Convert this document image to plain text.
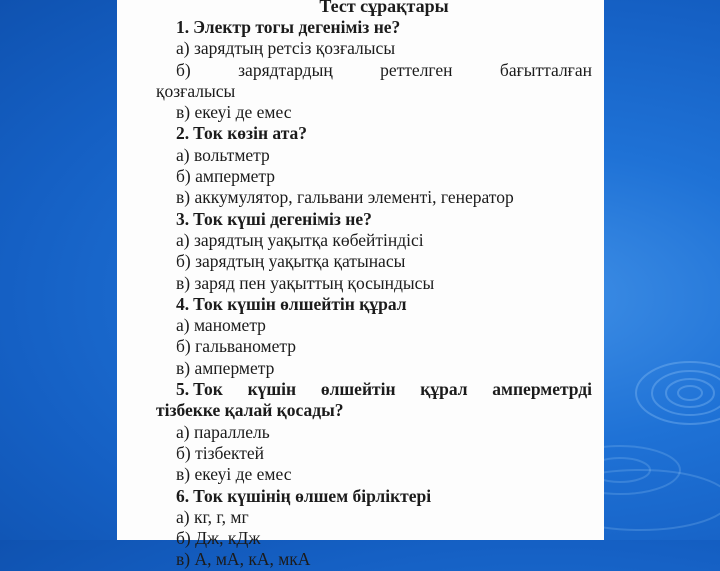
Тест сұрақтары

1. Электр тогы дегеніміз не?

а) зарядтың ретсіз қозғалысы

б) зарядтардың реттелген бағытталған

қозғалысы

в) екеуі де емес

2. Ток көзін ата?

а) вольтметр

б) амперметр

в) аккумулятор, гальвани элементі, генератор

3. Ток күші дегеніміз не?

а) зарядтың уақытқа көбейтіндісі

б) зарядтың уақытқа қатынасы

в) заряд пен уақыттың қосындысы

4. Ток күшін өлшейтін құрал

а) манометр

б) гальванометр

в) амперметр

5. Ток күшін өлшейтін құрал амперметрді

тізбекке қалай қосады?

а) параллель

б) тізбектей

в) екеуі де емес

6. Ток күшінің өлшем бірліктері

а) кг, г, мг

б) Дж, кДж

в) А, мА, кА, мкА
